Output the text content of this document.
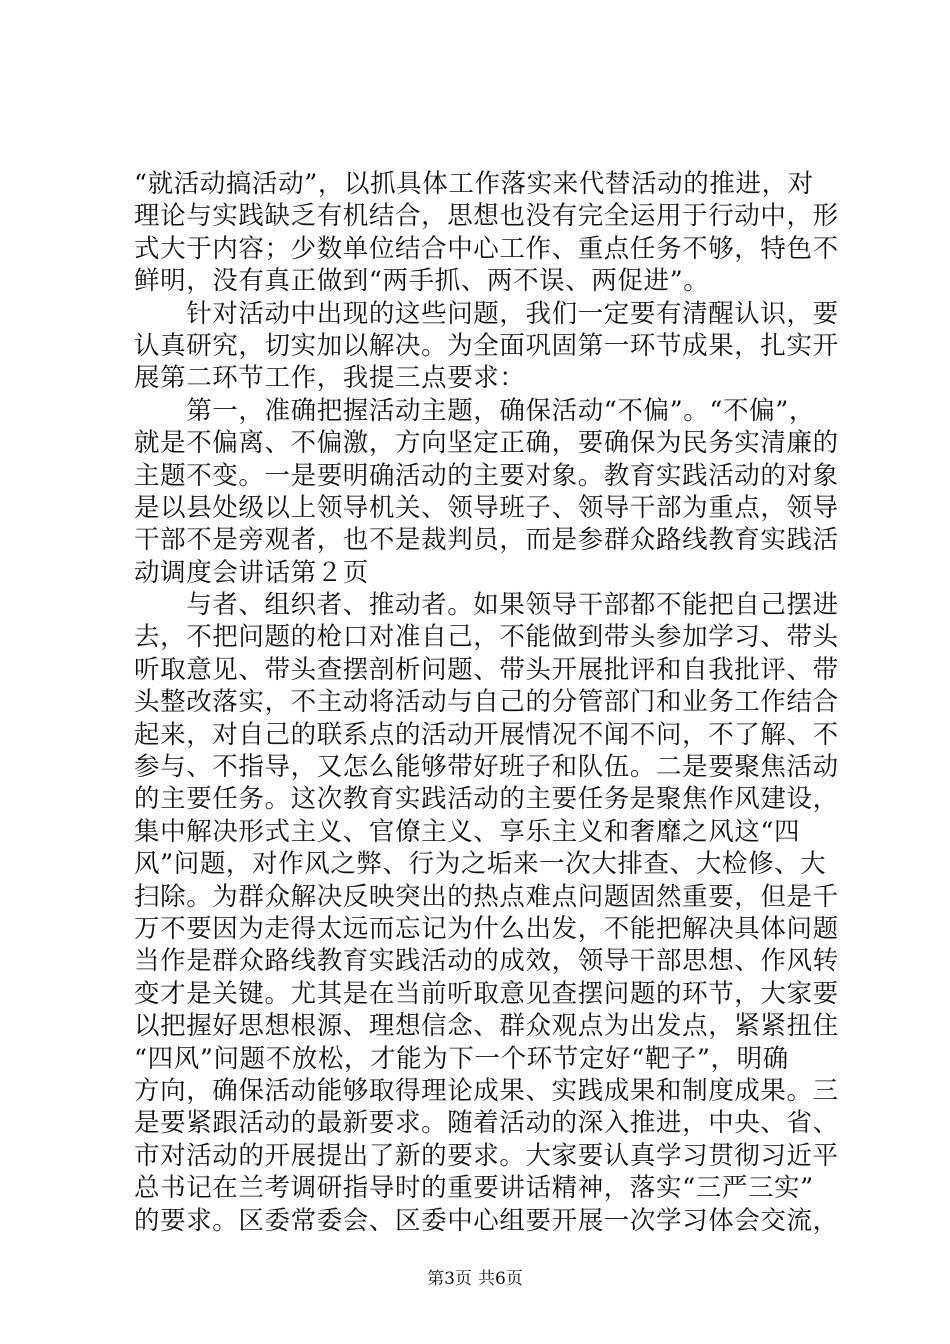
“就活动搞活动”，以抓具体工作落实来代替活动的推进，对
理论与实践缺乏有机结合，思想也没有完全运用于行动中，形
式大于内容；少数单位结合中心工作、重点任务不够，特色不
鲜明，没有真正做到“两手抓、两不误、两促进”。
　　针对活动中出现的这些问题，我们一定要有清醒认识，要
认真研究，切实加以解决。为全面巩固第一环节成果，扎实开
展第二环节工作，我提三点要求：
　　第一，准确把握活动主题，确保活动“不偏”。“不偏”，
就是不偏离、不偏激，方向坚定正确，要确保为民务实清廉的
主题不变。一是要明确活动的主要对象。教育实践活动的对象
是以县处级以上领导机关、领导班子、领导干部为重点，领导
干部不是旁观者，也不是裁判员，而是参群众路线教育实践活
动调度会讲话第２页
　　与者、组织者、推动者。如果领导干部都不能把自己摆进
去，不把问题的枪口对准自己，不能做到带头参加学习、带头
听取意见、带头查摆剖析问题、带头开展批评和自我批评、带
头整改落实，不主动将活动与自己的分管部门和业务工作结合
起来，对自己的联系点的活动开展情况不闻不问，不了解、不
参与、不指导，又怎么能够带好班子和队伍。二是要聚焦活动
的主要任务。这次教育实践活动的主要任务是聚焦作风建设，
集中解决形式主义、官僚主义、享乐主义和奢靡之风这“四
风”问题，对作风之弊、行为之垢来一次大排查、大检修、大
扫除。为群众解决反映突出的热点难点问题固然重要，但是千
万不要因为走得太远而忘记为什么出发，不能把解决具体问题
当作是群众路线教育实践活动的成效，领导干部思想、作风转
变才是关键。尤其是在当前听取意见查摆问题的环节，大家要
以把握好思想根源、理想信念、群众观点为出发点，紧紧扭住
“四风”问题不放松，才能为下一个环节定好“靶子”，明确
方向，确保活动能够取得理论成果、实践成果和制度成果。三
是要紧跟活动的最新要求。随着活动的深入推进，中央、省、
市对活动的开展提出了新的要求。大家要认真学习贯彻习近平
总书记在兰考调研指导时的重要讲话精神，落实“三严三实”
的要求。区委常委会、区委中心组要开展一次学习体会交流，
第3页 共6页
